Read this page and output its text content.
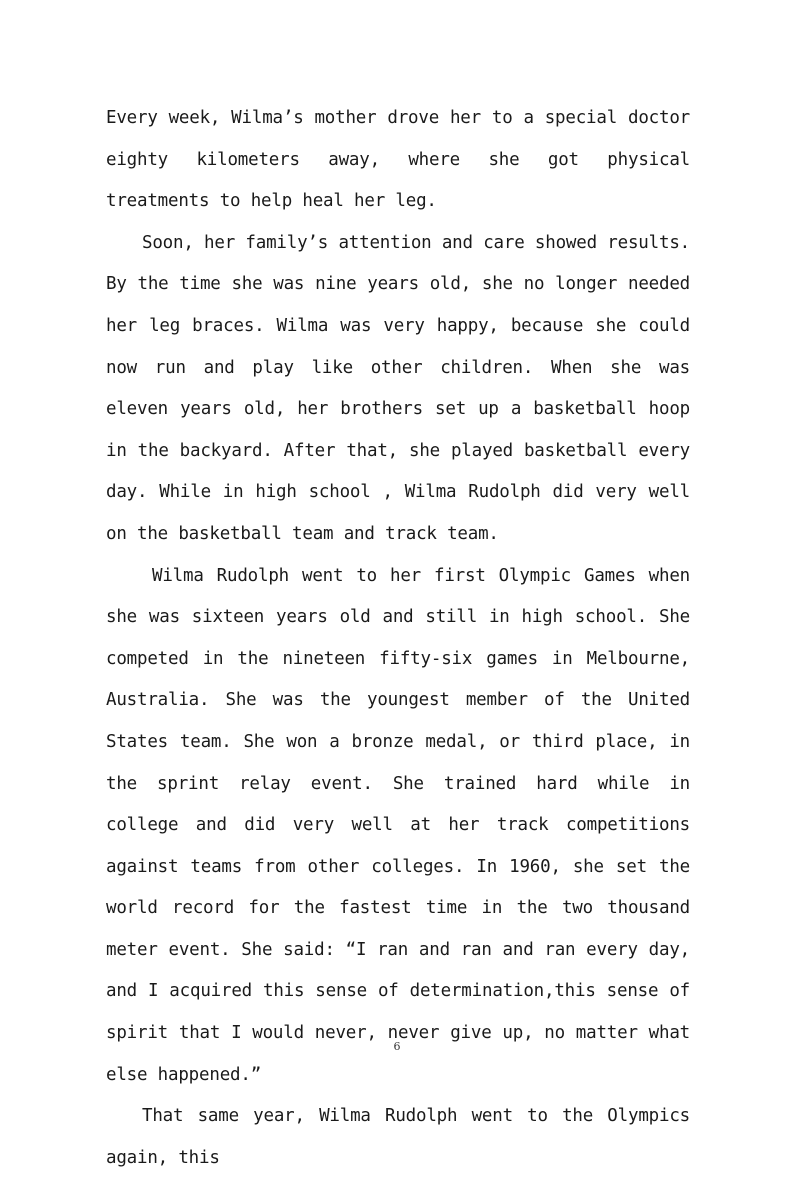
Every week, Wilma’s mother drove her to a special doctor eighty kilometers away, where she got physical treatments to help heal her leg.

Soon, her family’s attention and care showed results. By the time she was nine years old, she no longer needed her leg braces. Wilma was very happy, because she could now run and play like other children. When she was eleven years old, her brothers set up a basketball hoop in the backyard. After that, she played basketball every day. While in high school , Wilma Rudolph did very well on the basketball team and track team.

Wilma Rudolph went to her first Olympic Games when she was sixteen years old and still in high school. She competed in the nineteen fifty-six games in Melbourne, Australia. She was the youngest member of the United States team. She won a bronze medal, or third place, in the sprint relay event. She trained hard while in college and did very well at her track competitions against teams from other colleges. In 1960, she set the world record for the fastest time in the two thousand meter event. She said: “I ran and ran and ran every day, and I acquired this sense of determination,this sense of spirit that I would never, never give up, no matter what else happened.”

That same year, Wilma Rudolph went to the Olympics again, this

6
